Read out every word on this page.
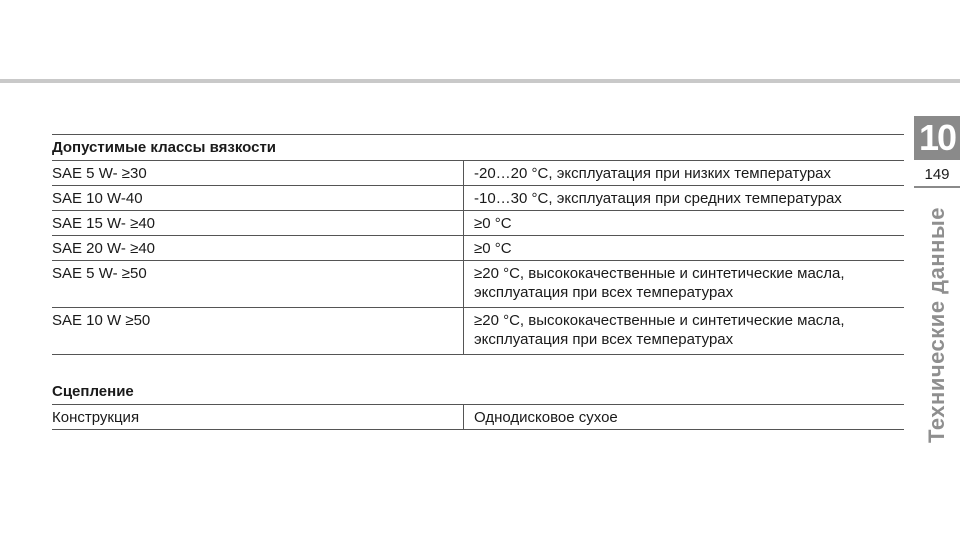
Допустимые классы вязкости
SAE 5 W- ≥30	-20…20 °C, эксплуатация при низких температурах
SAE 10 W-40	-10…30 °C, эксплуатация при средних температурах
SAE 15 W- ≥40	≥0 °C
SAE 20 W- ≥40	≥0 °C
SAE 5 W- ≥50	≥20 °C, высококачественные и синтетические масла,
эксплуатация при всех температурах
SAE 10 W ≥50	≥20 °C, высококачественные и синтетические масла,
эксплуатация при всех температурах
Сцепление
Конструкция	Однодисковое сухое
10
149
Технические данные
